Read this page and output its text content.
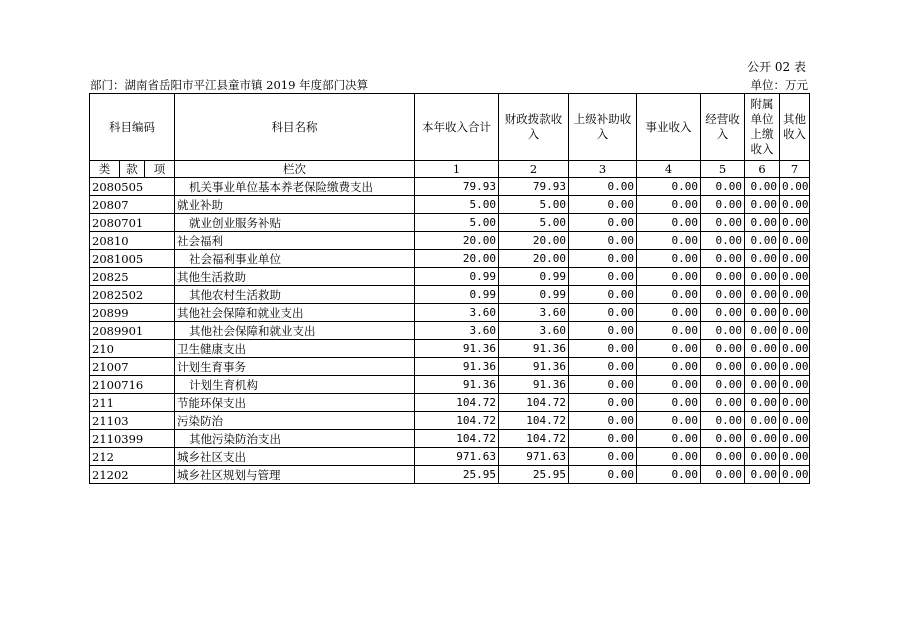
公开 02 表
部门：湖南省岳阳市平江县童市镇 2019 年度部门决算	单位：万元
科目编码			科目名称	本年收入合计	财政拨款收入	上级补助收入	事业收入	经营收入	附属单位上缴收入	其他收入
类	款	项	栏次	1	2	3	4	5	6	7
2080505			机关事业单位基本养老保险缴费支出	79.93	79.93	0.00	0.00	0.00	0.00	0.00
20807			就业补助	5.00	5.00	0.00	0.00	0.00	0.00	0.00
2080701			就业创业服务补贴	5.00	5.00	0.00	0.00	0.00	0.00	0.00
20810			社会福利	20.00	20.00	0.00	0.00	0.00	0.00	0.00
2081005			社会福利事业单位	20.00	20.00	0.00	0.00	0.00	0.00	0.00
20825			其他生活救助	0.99	0.99	0.00	0.00	0.00	0.00	0.00
2082502			其他农村生活救助	0.99	0.99	0.00	0.00	0.00	0.00	0.00
20899			其他社会保障和就业支出	3.60	3.60	0.00	0.00	0.00	0.00	0.00
2089901			其他社会保障和就业支出	3.60	3.60	0.00	0.00	0.00	0.00	0.00
210			卫生健康支出	91.36	91.36	0.00	0.00	0.00	0.00	0.00
21007			计划生育事务	91.36	91.36	0.00	0.00	0.00	0.00	0.00
2100716			计划生育机构	91.36	91.36	0.00	0.00	0.00	0.00	0.00
211			节能环保支出	104.72	104.72	0.00	0.00	0.00	0.00	0.00
21103			污染防治	104.72	104.72	0.00	0.00	0.00	0.00	0.00
2110399			其他污染防治支出	104.72	104.72	0.00	0.00	0.00	0.00	0.00
212			城乡社区支出	971.63	971.63	0.00	0.00	0.00	0.00	0.00
21202			城乡社区规划与管理	25.95	25.95	0.00	0.00	0.00	0.00	0.00
